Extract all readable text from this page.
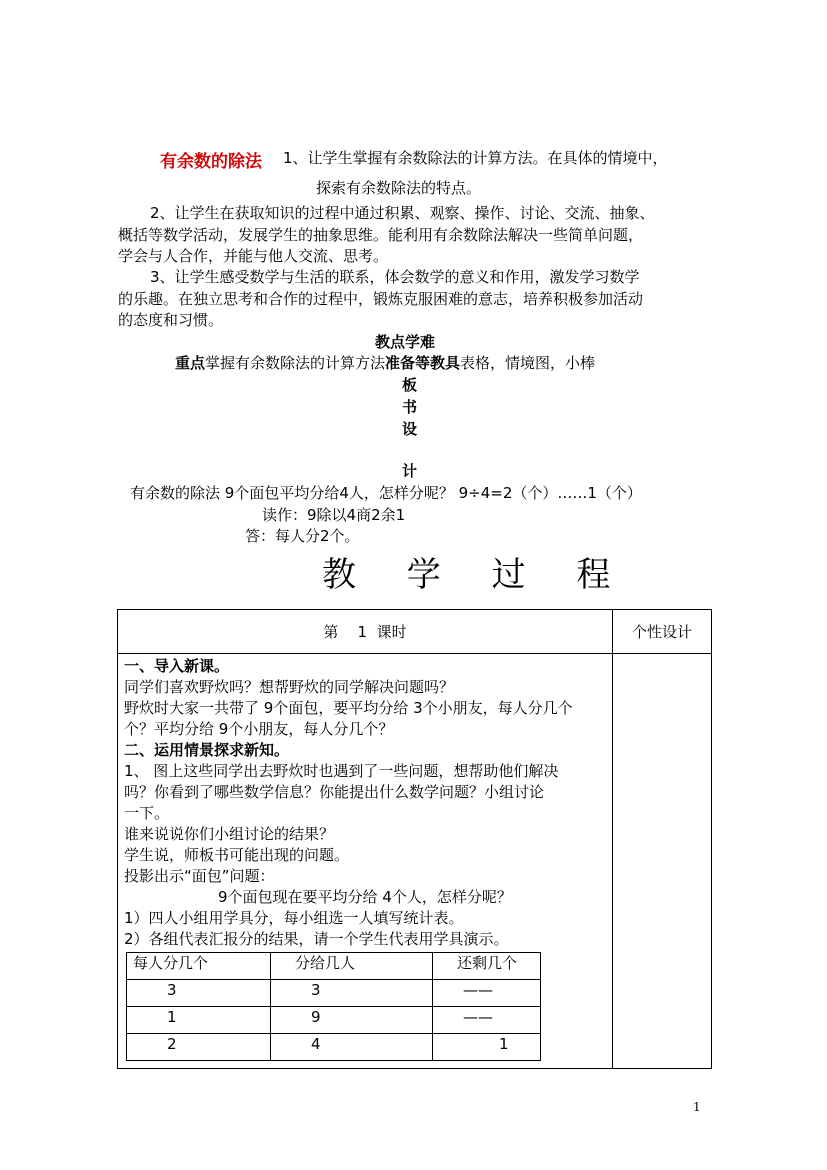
有余数的除法 1、让学生掌握有余数除法的计算方法。在具体的情境中，
探索有余数除法的特点。
2、让学生在获取知识的过程中通过积累、观察、操作、讨论、交流、抽象、
概括等数学活动，发展学生的抽象思维。能利用有余数除法解决一些简单问题，
学会与人合作，并能与他人交流、思考。
3、让学生感受数学与生活的联系，体会数学的意义和作用，激发学习数学
的乐趣。在独立思考和合作的过程中，锻炼克服困难的意志，培养积极参加活动
的态度和习惯。
教点学难
重点掌握有余数除法的计算方法准备等教具表格，情境图，小棒
板
书
设
计
有余数的除法 9个面包平均分给4人，怎样分呢？ 9÷4=2（个）……1（个）
读作：9除以4商2余1
答：每人分2个。
教 学 过 程
第    1  课时	个性设计

一、导入新课。
同学们喜欢野炊吗？想帮野炊的同学解决问题吗？
野炊时大家一共带了 9个面包，要平均分给 3个小朋友，每人分几个
个？平均分给 9个小朋友，每人分几个？
二、运用情景探求新知。
1、 图上这些同学出去野炊时也遇到了一些问题，想帮助他们解决
吗？你看到了哪些数学信息？你能提出什么数学问题？小组讨论
一下。
谁来说说你们小组讨论的结果？
学生说，师板书可能出现的问题。
投影出示“面包”问题：
9个面包现在要平均分给 4个人，怎样分呢？
1）四人小组用学具分，每小组选一人填写统计表。
2）各组代表汇报分的结果，请一个学生代表用学具演示。
每人分几个	分给几人	还剩几个
3	3	——
1	9	——
2	4	1

1
